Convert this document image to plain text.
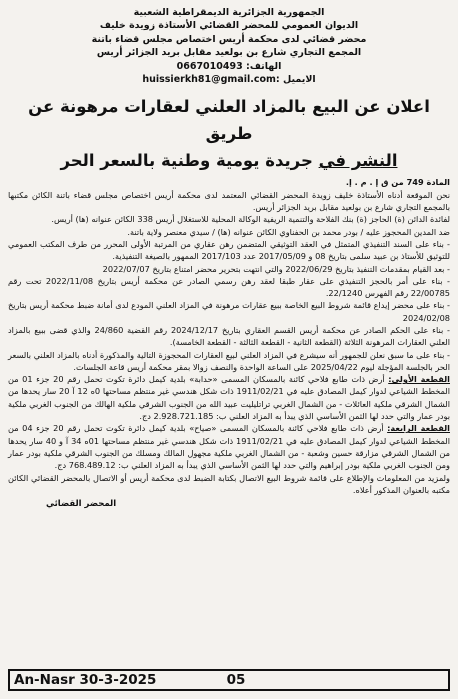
الجمهورية الجزائرية الديمقراطية الشعبية
الديوان العمومي للمحضر القضائي الأستاذة زويدة خليف
محضر قضائي لدى محكمة أريس اختصاص مجلس قضاء باتنة
المجمع التجاري شارع بن بولعيد مقابل بريد الجزائر أريس
الهاتف: 0667010493
الايميل :huissierkh81@gmail.com
اعلان عن البيع بالمزاد العلني لعقارات مرهونة عن طريق
النشر في جريدة يومية وطنية بالسعر الحر

المادة 749 من ق إ . م . إ.

نحن الموقعة أدناه الأستاذة خليف زويدة المحضر القضائي المعتمد لدى محكمة أريس اختصاص مجلس قضاء باتنة الكائن مكتبها بالمجمع التجاري شارع بن بولعيد مقابل بريد الجزائر أريس.

لفائدة الدائن (ة) الحاجز (ة) بنك الفلاحة والتنمية الريفية الوكالة المحلية للاستغلال أريس 338 الكائن عنوانه (ها) أريس.

ضد المدين المحجوز عليه / بودر محمد بن الحفناوي الكائن عنوانه (ها) / سيدي معنصر ولاية باتنة.

- بناء على السند التنفيذي المتمثل في العقد التوثيقي المتضمن رهن عقاري من المرتبة الأولى المحرر من طرف المكتب العمومي للتوثيق للأستاذ بن عبيد سلمى بتاريخ 08 و 2017/05/09 عدد 2017/103 الممهور بالصيغة التنفيذية.

- بعد القيام بمقدمات التنفيذ بتاريخ 2022/06/29 والتي انتهت بتحرير محضر امتناع بتاريخ 2022/07/07

- بناء على أمر بالحجز التنفيذي على عقار طبقا لعقد رهن رسمي الصادر عن محكمة أريس بتاريخ 2022/11/08 تحت رقم 22/00785 رقم الفهرس 22/1240.

- بناء على محضر إيداع قائمة شروط البيع الخاصة ببيع عقارات مرهونة في المزاد العلني المودع لدى أمانة ضبط محكمة أريس بتاريخ 2024/02/08

- بناء على الحكم الصادر عن محكمة أريس القسم العقاري بتاريخ 2024/12/17 رقم القضية 24/860 والذي قضى ببيع بالمزاد العلني العقارات المرهونة الثلاثة (القطعة الثانية - القطعة الثالثة - القطعة الخامسة).

- بناء على ما سبق نعلن للجمهور أنه سيشرع في المزاد العلني لبيع العقارات المحجوزة التالية والمذكورة أدناه بالمزاد العلني بالسعر الحر بالجلسة المؤجلة ليوم 2025/04/22 على الساعة الواحدة والنصف زوالا بمقر محكمة أريس قاعة الجلسات.

القطعة الأولى: أرض ذات طابع فلاحي كائنة بالمسكان المسمى «حدابة» بلدية كيمل دائرة تكوت تحمل رقم 20 جزء 01 من المخطط الشياعي لدوار كيمل المصادق عليه في 1911/02/21 ذات شكل هندسي غير منتظم مساحتها 0ه 12 آ 20 سار يحدها من الشمال الشرقي ملكية العائلات - من الشمال الغربي تراتليليت عبيد الله من الجنوب الشرقي ملكية الهالك من الجنوب الغربي ملكية بودر عمار والتي حدد لها الثمن الأساسي الذي يبدأ به المزاد العلني ب: 2.928.721.185 دج.

القطعة الرابعة: أرض ذات طابع فلاحي كائنة بالمسكان المسمى «صياح» بلدية كيمل دائرة تكوت تحمل رقم 20 جزء 04 من المخطط الشياعي لدوار كيمل المصادق عليه في 1911/02/21 ذات شكل هندسي غير منتظم مساحتها 01ه 34 آ و 40 سار يحدها من الشمال الشرقي مزارقة حسين وشعبة - من الشمال الغربي ملكية مجهول المالك ومسلك من الجنوب الشرقي ملكية بودر عمار ومن الجنوب الغربي ملكية بودر إبراهيم والتي حدد لها الثمن الأساسي الذي يبدأ به المزاد العلني ب: 768.489.12 دج.

ولمزيد من المعلومات والإطلاع على قائمة شروط البيع الاتصال بكتابة الضبط لدى محكمة أريس أو الاتصال بالمحضر القضائي الكائن مكتبه بالعنوان المذكور أعلاه.

المحضر القضائي
An-Nasr 30-3-2025	05
